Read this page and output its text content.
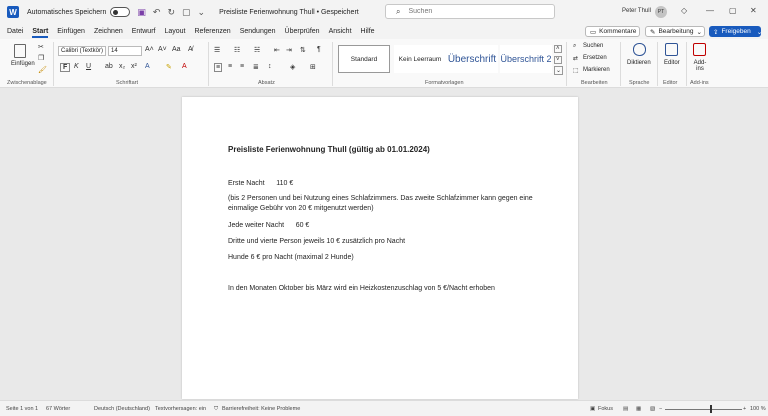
W	Automatisches Speichern	▣ ↶ ↻ ▢ ⌄ Preisliste Ferienwohnung Thull • Gespeichert	⌕
Suchen	Peter Thull	PT	◇ — ▢ ✕
Datei Start Einfügen Zeichnen Entwurf Layout Referenzen Sendungen Überprüfen Ansicht Hilfe	▭ Kommentare ✎ Bearbeitung ⌄ ⇪ Freigeben ⌄
Einfügen
✂
❐
🖌
Calibri (Textkör)	14	A˄ A˅ Aa A̸
F K U ab x₂ x² A ✎ A
☰ ☷ ☵ ⇤ ⇥ ⇅ ¶
≡ ≡ ≡ ≣ ↕	◈ ⊞
Standard	Kein Leerraum Überschrift Überschrift 2
˄
˅
⌄
⌕ Suchen
⇄ Ersetzen
⬚ Markieren
Diktieren Editor Add-ins
Zwischenablage	Schriftart	Absatz	Formatvorlagen	Bearbeiten	Sprache Editor Add-ins
Preisliste Ferienwohnung Thull (gültig ab 01.01.2024)
Erste Nacht      110 €
(bis 2 Personen und bei Nutzung eines Schlafzimmers. Das zweite Schlafzimmer kann gegen eine einmalige Gebühr von 20 € mitgenutzt werden)
Jede weiter Nacht      60 €
Dritte und vierte Person jeweils 10 € zusätzlich pro Nacht
Hunde 6 € pro Nacht (maximal 2 Hunde)
In den Monaten Oktober bis März wird ein Heizkostenzuschlag von 5 €/Nacht erhoben
Seite 1 von 1 67 Wörter	Deutsch (Deutschland) Textvorhersagen: ein ⛉ Barrierefreiheit: Keine Probleme	▣ Fokus ▤ ▦ ▧ −	+ 100 %
